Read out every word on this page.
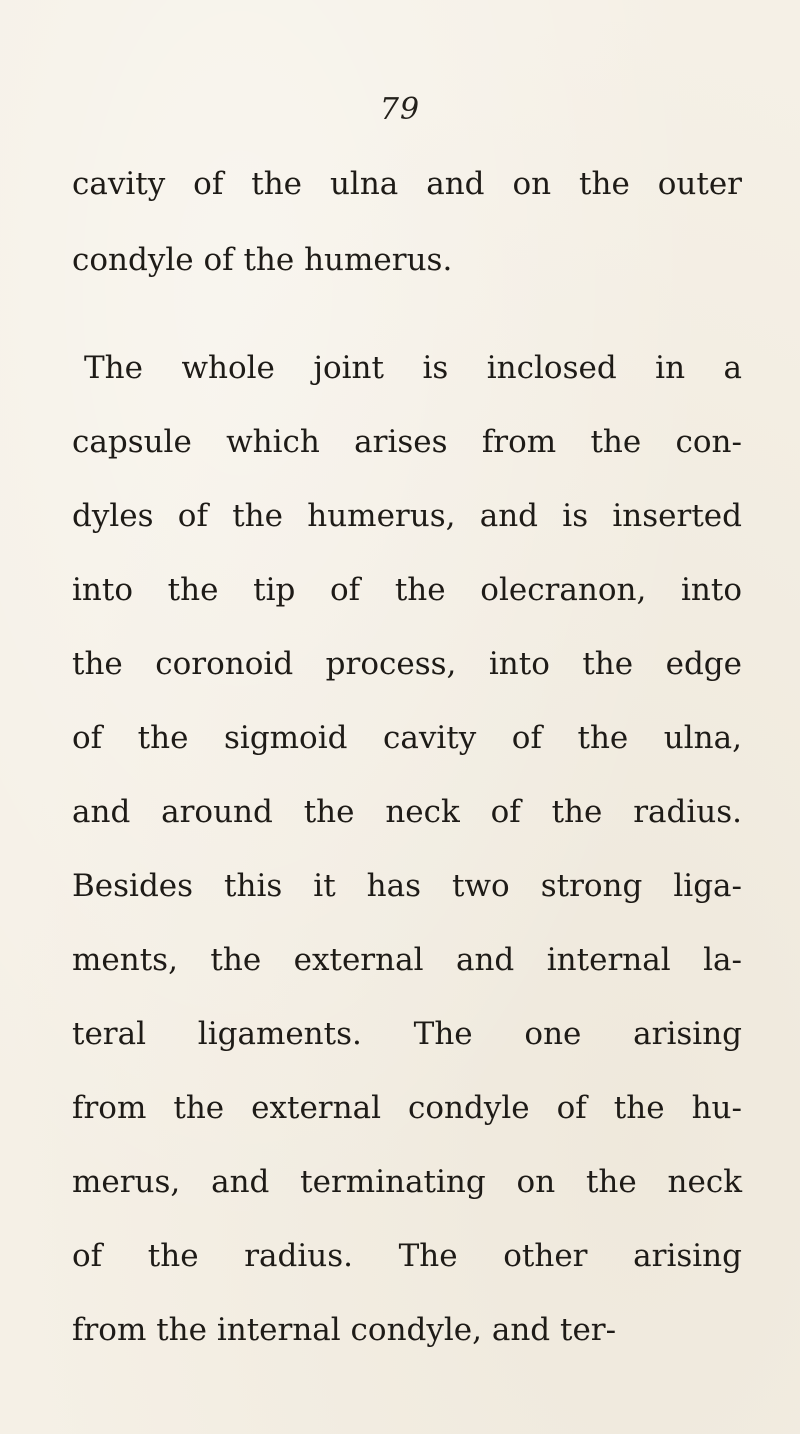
79
cavity of the ulna and on the outer
condyle of the humerus.
The whole joint is inclosed in a
capsule which arises from the con-
dyles of the humerus, and is inserted
into the tip of the olecranon, into
the coronoid process, into the edge
of the sigmoid cavity of the ulna,
and around the neck of the radius.
Besides this it has two strong liga-
ments, the external and internal la-
teral ligaments. The one arising
from the external condyle of the hu-
merus, and terminating on the neck
of the radius. The other arising
from the internal condyle, and ter-
